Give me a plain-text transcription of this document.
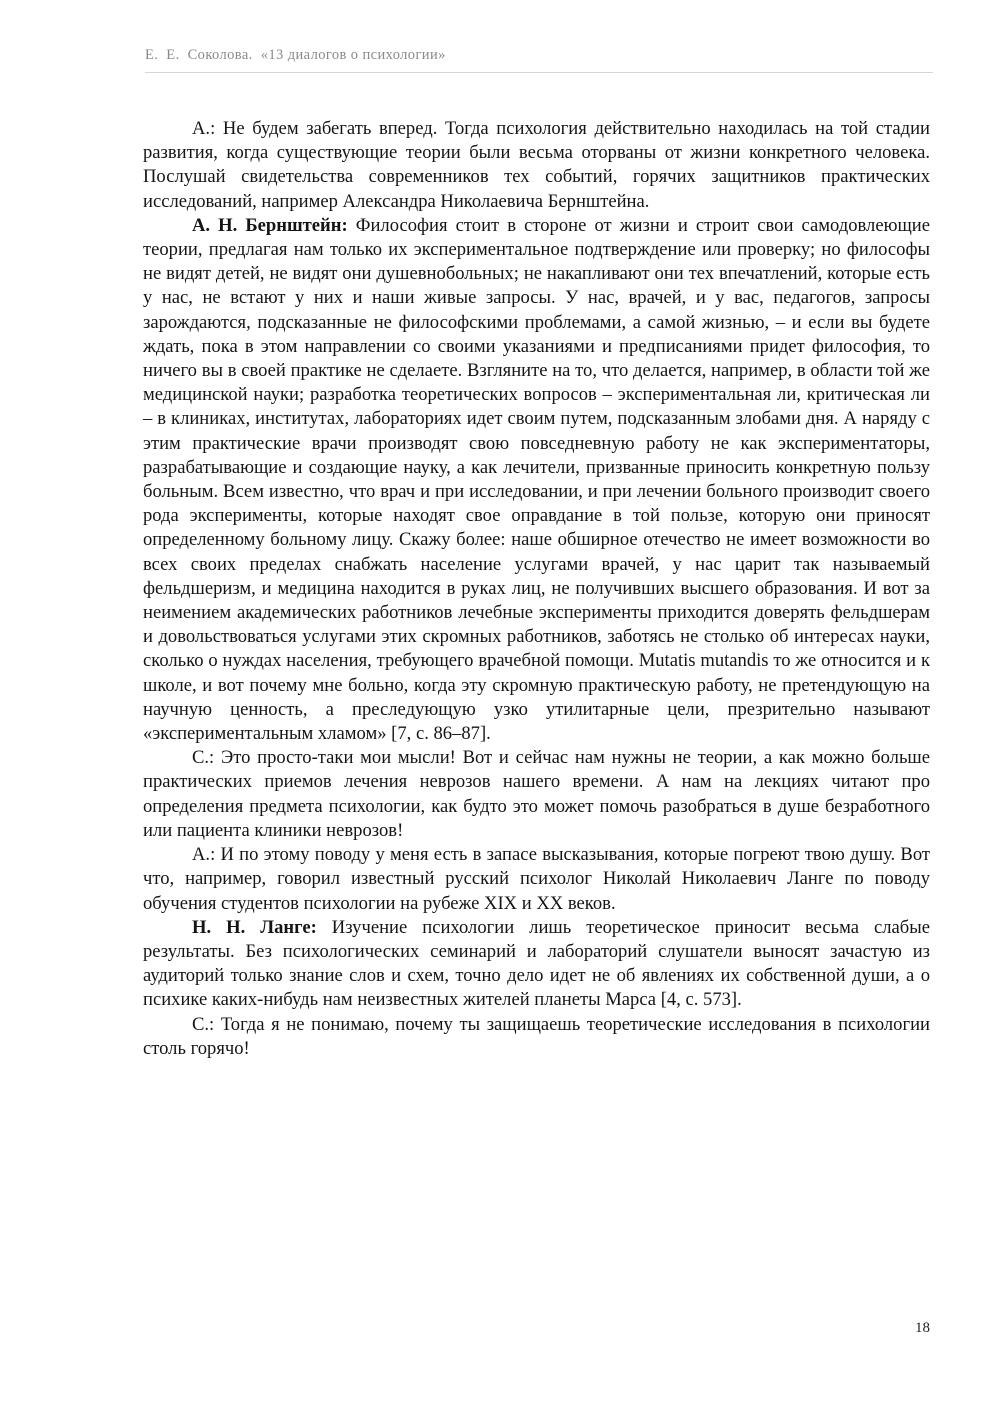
Е. Е. Соколова. «13 диалогов о психологии»

А.: Не будем забегать вперед. Тогда психология действительно находилась на той стадии развития, когда существующие теории были весьма оторваны от жизни конкретного человека. Послушай свидетельства современников тех событий, горячих защитников практических исследований, например Александра Николаевича Бернштейна.

А. Н. Бернштейн: Философия стоит в стороне от жизни и строит свои самодовлеющие теории, предлагая нам только их экспериментальное подтверждение или проверку; но философы не видят детей, не видят они душевнобольных; не накапливают они тех впечатлений, которые есть у нас, не встают у них и наши живые запросы. У нас, врачей, и у вас, педагогов, запросы зарождаются, подсказанные не философскими проблемами, а самой жизнью, – и если вы будете ждать, пока в этом направлении со своими указаниями и предписаниями придет философия, то ничего вы в своей практике не сделаете. Взгляните на то, что делается, например, в области той же медицинской науки; разработка теоретических вопросов – экспериментальная ли, критическая ли – в клиниках, институтах, лабораториях идет своим путем, подсказанным злобами дня. А наряду с этим практические врачи производят свою повседневную работу не как экспериментаторы, разрабатывающие и создающие науку, а как лечители, призванные приносить конкретную пользу больным. Всем известно, что врач и при исследовании, и при лечении больного производит своего рода эксперименты, которые находят свое оправдание в той пользе, которую они приносят определенному больному лицу. Скажу более: наше обширное отечество не имеет возможности во всех своих пределах снабжать население услугами врачей, у нас царит так называемый фельдшеризм, и медицина находится в руках лиц, не получивших высшего образования. И вот за неимением академических работников лечебные эксперименты приходится доверять фельдшерам и довольствоваться услугами этих скромных работников, заботясь не столько об интересах науки, сколько о нуждах населения, требующего врачебной помощи. Mutatis mutandis то же относится и к школе, и вот почему мне больно, когда эту скромную практическую работу, не претендующую на научную ценность, а преследующую узко утилитарные цели, презрительно называют «экспериментальным хламом» [7, с. 86–87].

С.: Это просто-таки мои мысли! Вот и сейчас нам нужны не теории, а как можно больше практических приемов лечения неврозов нашего времени. А нам на лекциях читают про определения предмета психологии, как будто это может помочь разобраться в душе безработного или пациента клиники неврозов!

А.: И по этому поводу у меня есть в запасе высказывания, которые погреют твою душу. Вот что, например, говорил известный русский психолог Николай Николаевич Ланге по поводу обучения студентов психологии на рубеже XIX и XX веков.

Н. Н. Ланге: Изучение психологии лишь теоретическое приносит весьма слабые результаты. Без психологических семинарий и лабораторий слушатели выносят зачастую из аудиторий только знание слов и схем, точно дело идет не об явлениях их собственной души, а о психике каких-нибудь нам неизвестных жителей планеты Марса [4, с. 573].

С.: Тогда я не понимаю, почему ты защищаешь теоретические исследования в психологии столь горячо!

18
